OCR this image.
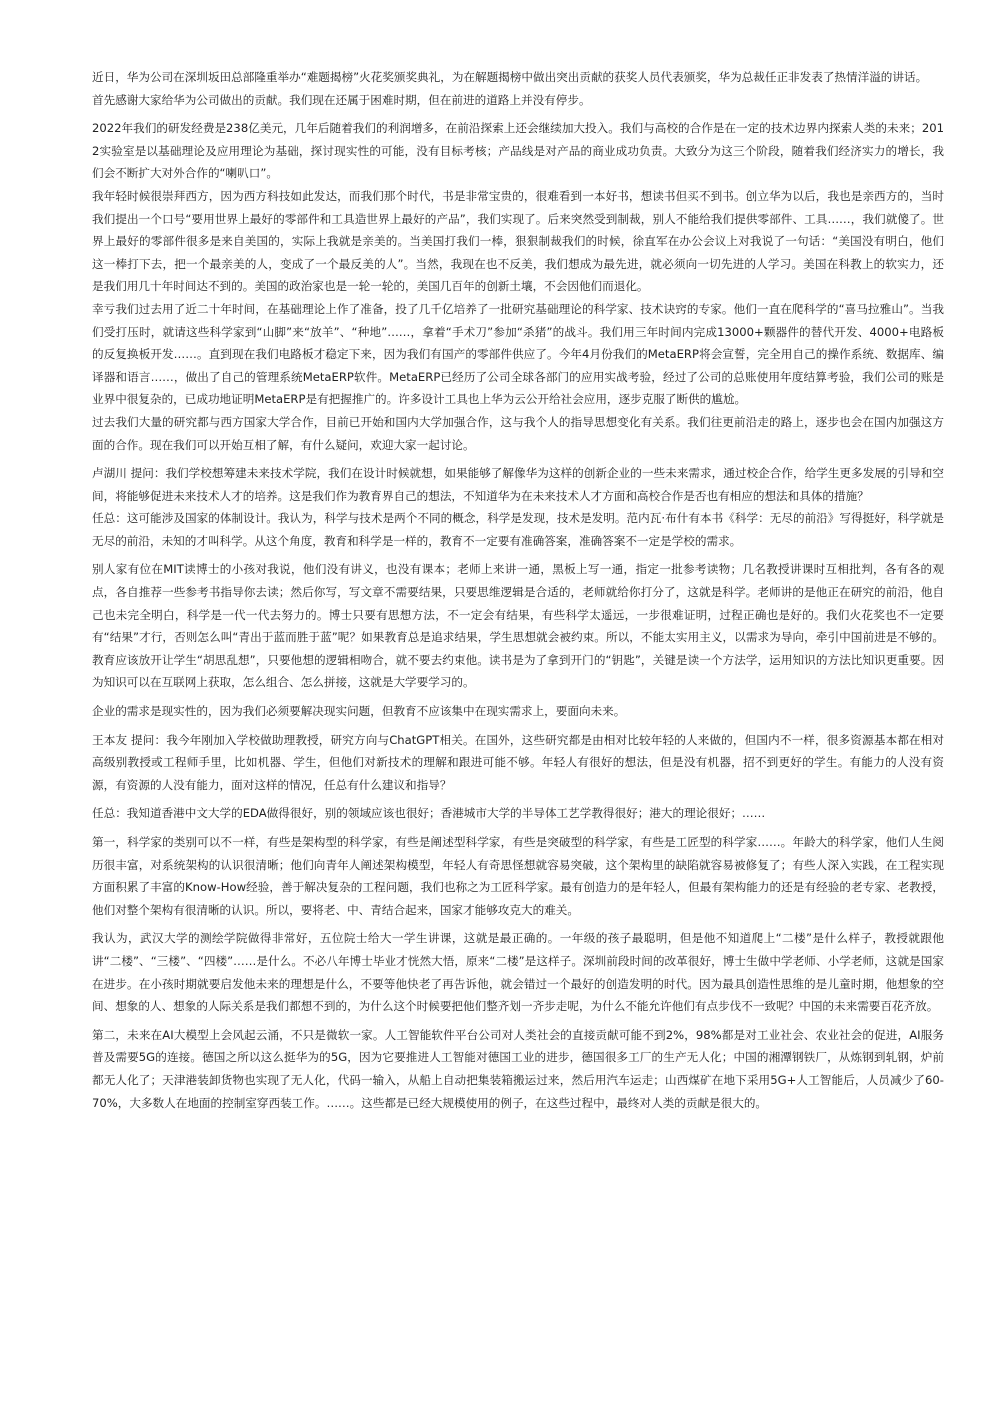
近日，华为公司在深圳坂田总部隆重举办“难题揭榜”火花奖颁奖典礼，为在解题揭榜中做出突出贡献的获奖人员代表颁奖，华为总裁任正非发表了热情洋溢的讲话。

首先感谢大家给华为公司做出的贡献。我们现在还属于困难时期，但在前进的道路上并没有停步。

2022年我们的研发经费是238亿美元，几年后随着我们的利润增多，在前沿探索上还会继续加大投入。我们与高校的合作是在一定的技术边界内探索人类的未来；2012实验室是以基础理论及应用理论为基础，探讨现实性的可能，没有目标考核；产品线是对产品的商业成功负责。大致分为这三个阶段，随着我们经济实力的增长，我们会不断扩大对外合作的“喇叭口”。

我年轻时候很崇拜西方，因为西方科技如此发达，而我们那个时代，书是非常宝贵的，很难看到一本好书，想读书但买不到书。创立华为以后，我也是亲西方的，当时我们提出一个口号“要用世界上最好的零部件和工具造世界上最好的产品”，我们实现了。后来突然受到制裁，别人不能给我们提供零部件、工具……，我们就傻了。世界上最好的零部件很多是来自美国的，实际上我就是亲美的。当美国打我们一棒，狠狠制裁我们的时候，徐直军在办公会议上对我说了一句话：“美国没有明白，他们这一棒打下去，把一个最亲美的人，变成了一个最反美的人”。当然，我现在也不反美，我们想成为最先进，就必须向一切先进的人学习。美国在科教上的软实力，还是我们用几十年时间达不到的。美国的政治家也是一轮一轮的，美国几百年的创新土壤，不会因他们而退化。

幸亏我们过去用了近二十年时间，在基础理论上作了准备，投了几千亿培养了一批研究基础理论的科学家、技术诀窍的专家。他们一直在爬科学的“喜马拉雅山”。当我们受打压时，就请这些科学家到“山脚”来“放羊”、“种地”……，拿着“手术刀”参加“杀猪”的战斗。我们用三年时间内完成13000+颗器件的替代开发、4000+电路板的反复换板开发……。直到现在我们电路板才稳定下来，因为我们有国产的零部件供应了。今年4月份我们的MetaERP将会宣誓，完全用自己的操作系统、数据库、编译器和语言……，做出了自己的管理系统MetaERP软件。MetaERP已经历了公司全球各部门的应用实战考验，经过了公司的总账使用年度结算考验，我们公司的账是业界中很复杂的，已成功地证明MetaERP是有把握推广的。许多设计工具也上华为云公开给社会应用，逐步克服了断供的尴尬。

过去我们大量的研究都与西方国家大学合作，目前已开始和国内大学加强合作，这与我个人的指导思想变化有关系。我们往更前沿走的路上，逐步也会在国内加强这方面的合作。现在我们可以开始互相了解，有什么疑问，欢迎大家一起讨论。

卢湖川 提问：我们学校想筹建未来技术学院，我们在设计时候就想，如果能够了解像华为这样的创新企业的一些未来需求，通过校企合作，给学生更多发展的引导和空间，将能够促进未来技术人才的培养。这是我们作为教育界自己的想法，不知道华为在未来技术人才方面和高校合作是否也有相应的想法和具体的措施？

任总：这可能涉及国家的体制设计。我认为，科学与技术是两个不同的概念，科学是发现，技术是发明。范内瓦·布什有本书《科学：无尽的前沿》写得挺好，科学就是无尽的前沿，未知的才叫科学。从这个角度，教育和科学是一样的，教育不一定要有准确答案，准确答案不一定是学校的需求。

别人家有位在MIT读博士的小孩对我说，他们没有讲义，也没有课本；老师上来讲一通，黑板上写一通，指定一批参考读物；几名教授讲课时互相批判，各有各的观点，各自推荐一些参考书指导你去读；然后你写，写文章不需要结果，只要思维逻辑是合适的，老师就给你打分了，这就是科学。老师讲的是他正在研究的前沿，他自己也未完全明白，科学是一代一代去努力的。博士只要有思想方法，不一定会有结果，有些科学太遥远，一步很难证明，过程正确也是好的。我们火花奖也不一定要有“结果”才行，否则怎么叫“青出于蓝而胜于蓝”呢？如果教育总是追求结果，学生思想就会被约束。所以，不能太实用主义，以需求为导向，牵引中国前进是不够的。教育应该放开让学生“胡思乱想”，只要他想的逻辑相吻合，就不要去约束他。读书是为了拿到开门的“钥匙”，关键是读一个方法学，运用知识的方法比知识更重要。因为知识可以在互联网上获取，怎么组合、怎么拼接，这就是大学要学习的。

企业的需求是现实性的，因为我们必须要解决现实问题，但教育不应该集中在现实需求上，要面向未来。

王本友 提问：我今年刚加入学校做助理教授，研究方向与ChatGPT相关。在国外，这些研究都是由相对比较年轻的人来做的，但国内不一样，很多资源基本都在相对高级别教授或工程师手里，比如机器、学生，但他们对新技术的理解和跟进可能不够。年轻人有很好的想法，但是没有机器，招不到更好的学生。有能力的人没有资源，有资源的人没有能力，面对这样的情况，任总有什么建议和指导？

任总：我知道香港中文大学的EDA做得很好，别的领域应该也很好；香港城市大学的半导体工艺学教得很好；港大的理论很好；……

第一，科学家的类别可以不一样，有些是架构型的科学家，有些是阐述型科学家，有些是突破型的科学家，有些是工匠型的科学家……。年龄大的科学家，他们人生阅历很丰富，对系统架构的认识很清晰；他们向青年人阐述架构模型，年轻人有奇思怪想就容易突破，这个架构里的缺陷就容易被修复了；有些人深入实践，在工程实现方面积累了丰富的Know-How经验，善于解决复杂的工程问题，我们也称之为工匠科学家。最有创造力的是年轻人，但最有架构能力的还是有经验的老专家、老教授，他们对整个架构有很清晰的认识。所以，要将老、中、青结合起来，国家才能够攻克大的难关。

我认为，武汉大学的测绘学院做得非常好，五位院士给大一学生讲课，这就是最正确的。一年级的孩子最聪明，但是他不知道爬上“二楼”是什么样子，教授就跟他讲“二楼”、“三楼”、“四楼”……是什么。不必八年博士毕业才恍然大悟，原来“二楼”是这样子。深圳前段时间的改革很好，博士生做中学老师、小学老师，这就是国家在进步。在小孩时期就要启发他未来的理想是什么，不要等他快老了再告诉他，就会错过一个最好的创造发明的时代。因为最具创造性思维的是儿童时期，他想象的空间、想象的人、想象的人际关系是我们都想不到的，为什么这个时候要把他们整齐划一齐步走呢，为什么不能允许他们有点步伐不一致呢？中国的未来需要百花齐放。

第二，未来在AI大模型上会风起云涌，不只是微软一家。人工智能软件平台公司对人类社会的直接贡献可能不到2%，98%都是对工业社会、农业社会的促进，AI服务普及需要5G的连接。德国之所以这么挺华为的5G，因为它要推进人工智能对德国工业的进步，德国很多工厂的生产无人化；中国的湘潭钢铁厂，从炼钢到轧钢，炉前都无人化了；天津港装卸货物也实现了无人化，代码一输入，从船上自动把集装箱搬运过来，然后用汽车运走；山西煤矿在地下采用5G+人工智能后，人员减少了60-70%，大多数人在地面的控制室穿西装工作。……。这些都是已经大规模使用的例子，在这些过程中，最终对人类的贡献是很大的。
